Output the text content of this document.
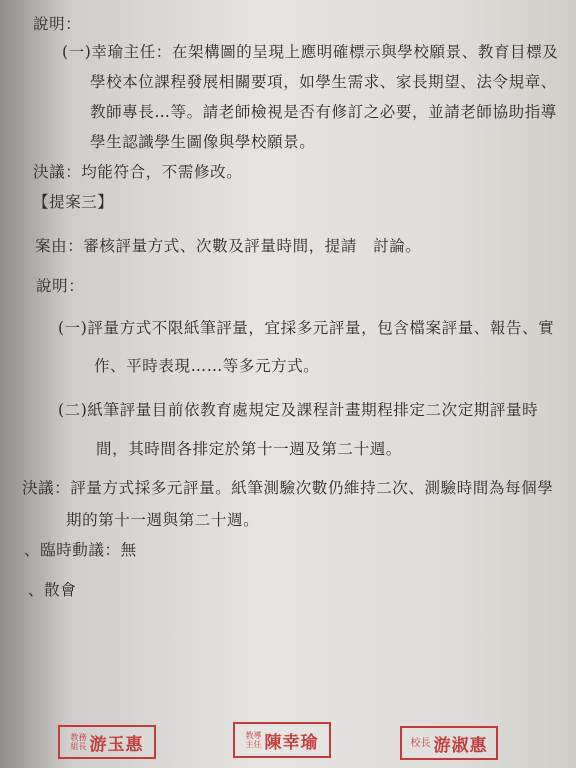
說明：
(一)幸瑜主任：在架構圖的呈現上應明確標示與學校願景、教育目標及
學校本位課程發展相關要項，如學生需求、家長期望、法令規章、
教師專長…等。請老師檢視是否有修訂之必要，並請老師協助指導
學生認識學生圖像與學校願景。
決議：均能符合，不需修改。
【提案三】
案由：審核評量方式、次數及評量時間，提請　討論。
說明：
(一)評量方式不限紙筆評量，宜採多元評量，包含檔案評量、報告、實
作、平時表現……等多元方式。
(二)紙筆評量目前依教育處規定及課程計畫期程排定二次定期評量時
間，其時間各排定於第十一週及第二十週。
決議：評量方式採多元評量。紙筆測驗次數仍維持二次、測驗時間為每個學
期的第十一週與第二十週。
、臨時動議：無
、散會
教務
組長 游玉惠	教導
主任 陳幸瑜	校長 游淑惠
